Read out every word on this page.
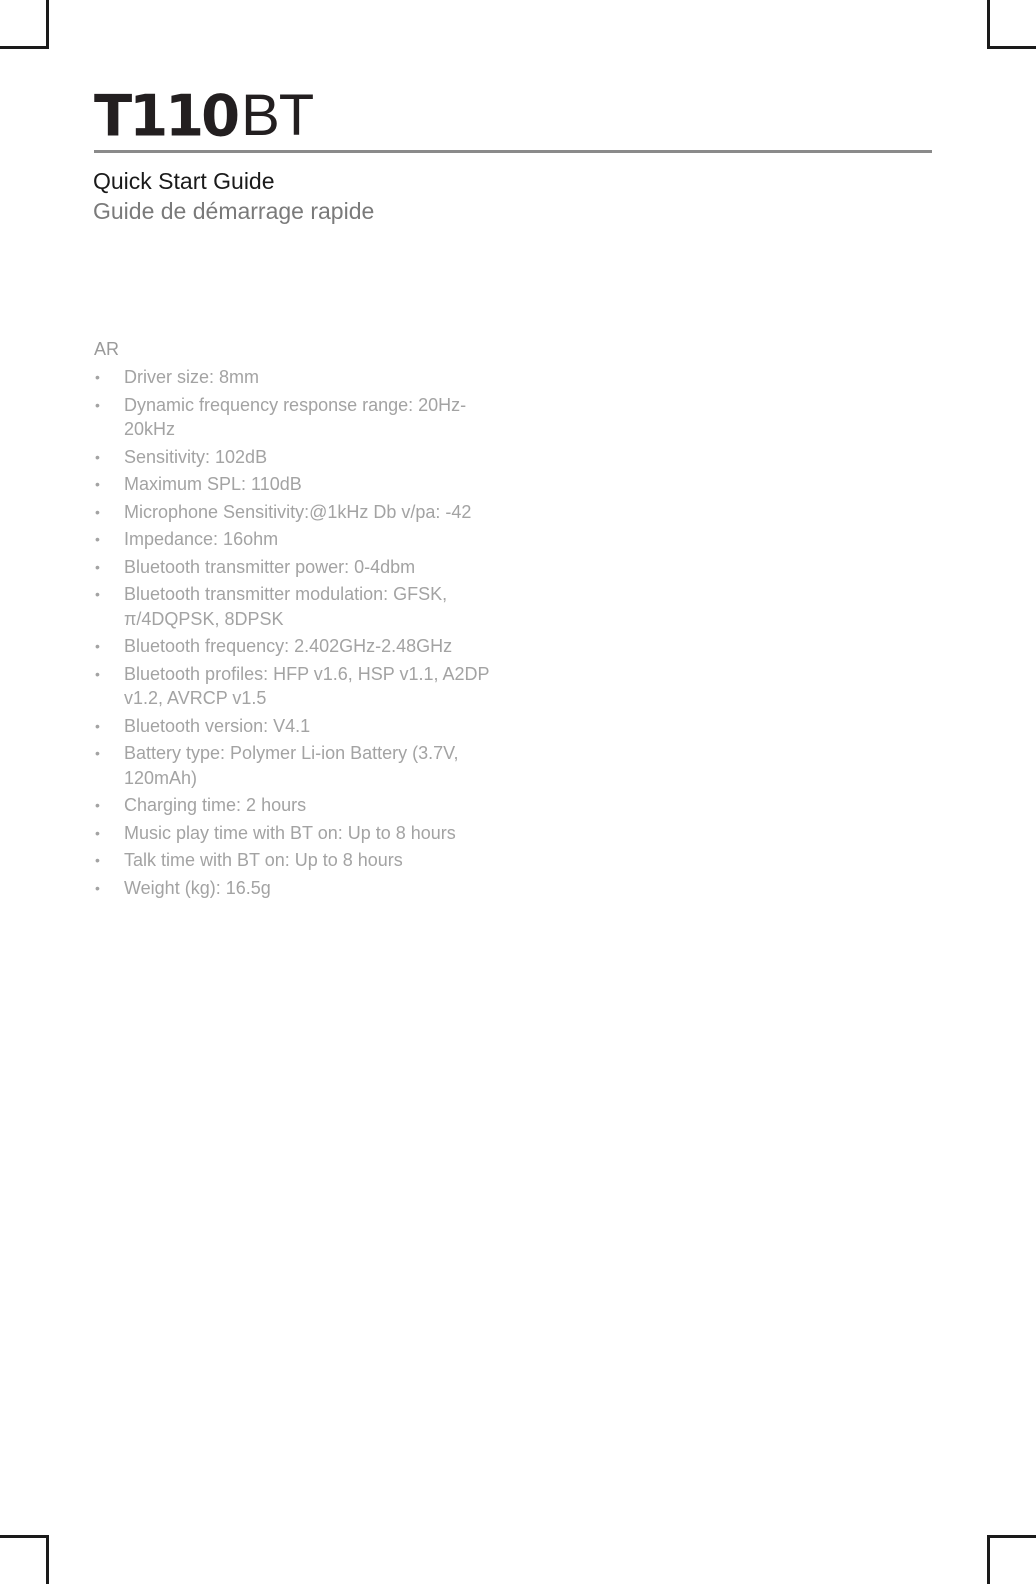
T110BT
Quick Start Guide
Guide de démarrage rapide
AR
• Driver size: 8mm
• Dynamic frequency response range: 20Hz-20kHz
• Sensitivity: 102dB
• Maximum SPL: 110dB
• Microphone Sensitivity:@1kHz Db v/pa: -42
• Impedance: 16ohm
• Bluetooth transmitter power: 0-4dbm
• Bluetooth transmitter modulation: GFSK, π/4DQPSK, 8DPSK
• Bluetooth frequency: 2.402GHz-2.48GHz
• Bluetooth profiles: HFP v1.6, HSP v1.1, A2DP v1.2, AVRCP v1.5
• Bluetooth version: V4.1
• Battery type: Polymer Li-ion Battery (3.7V, 120mAh)
• Charging time: 2 hours
• Music play time with BT on: Up to 8 hours
• Talk time with BT on: Up to 8 hours
• Weight (kg): 16.5g
